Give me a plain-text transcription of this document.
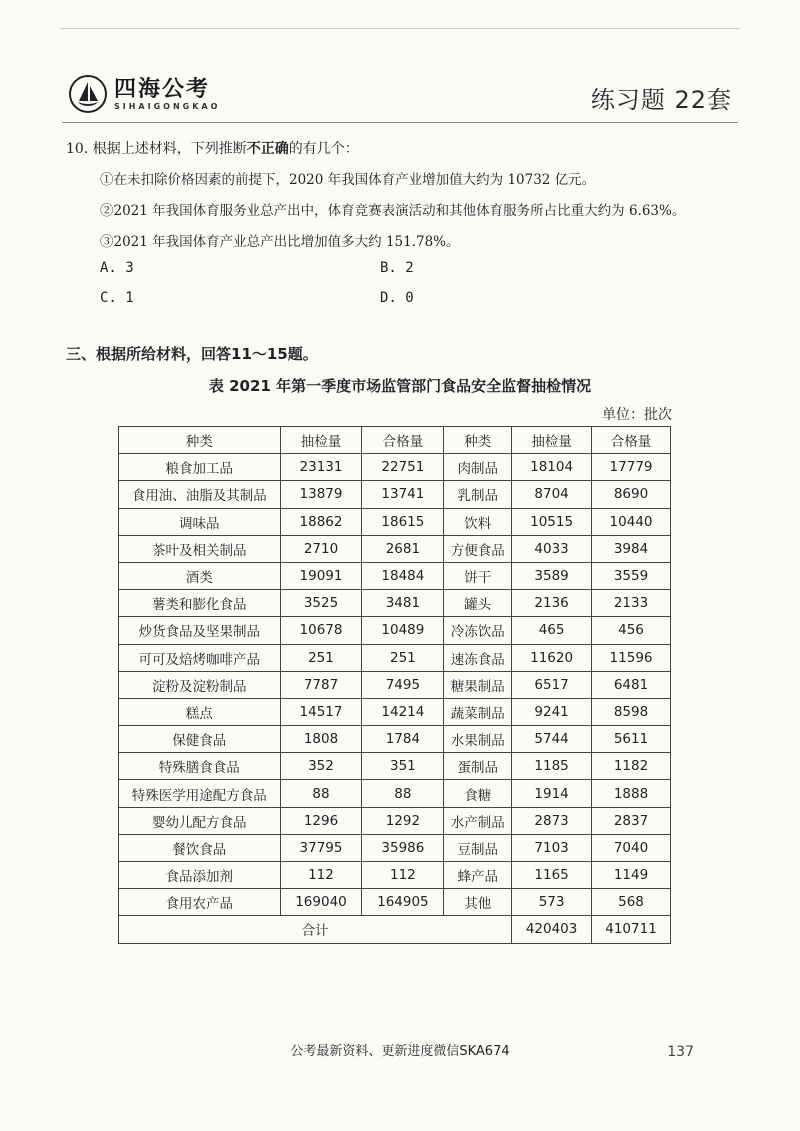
四海公考
SIHAIGONGKAO	练习题 22套
10. 根据上述材料，下列推断不正确的有几个：
①在未扣除价格因素的前提下，2020 年我国体育产业增加值大约为 10732 亿元。
②2021 年我国体育服务业总产出中，体育竞赛表演活动和其他体育服务所占比重大约为 6.63%。
③2021 年我国体育产业总产出比增加值多大约 151.78%。
A. 3	B. 2
C. 1	D. 0
三、根据所给材料，回答11～15题。
表 2021 年第一季度市场监管部门食品安全监督抽检情况
单位：批次
种类	抽检量	合格量	种类	抽检量	合格量
粮食加工品	23131	22751	肉制品	18104	17779
食用油、油脂及其制品	13879	13741	乳制品	8704	8690
调味品	18862	18615	饮料	10515	10440
茶叶及相关制品	2710	2681	方便食品	4033	3984
酒类	19091	18484	饼干	3589	3559
薯类和膨化食品	3525	3481	罐头	2136	2133
炒货食品及坚果制品	10678	10489	冷冻饮品	465	456
可可及焙烤咖啡产品	251	251	速冻食品	11620	11596
淀粉及淀粉制品	7787	7495	糖果制品	6517	6481
糕点	14517	14214	蔬菜制品	9241	8598
保健食品	1808	1784	水果制品	5744	5611
特殊膳食食品	352	351	蛋制品	1185	1182
特殊医学用途配方食品	88	88	食糖	1914	1888
婴幼儿配方食品	1296	1292	水产制品	2873	2837
餐饮食品	37795	35986	豆制品	7103	7040
食品添加剂	112	112	蜂产品	1165	1149
食用农产品	169040	164905	其他	573	568
合计				420403	410711
公考最新资料、更新进度微信SKA674	137
